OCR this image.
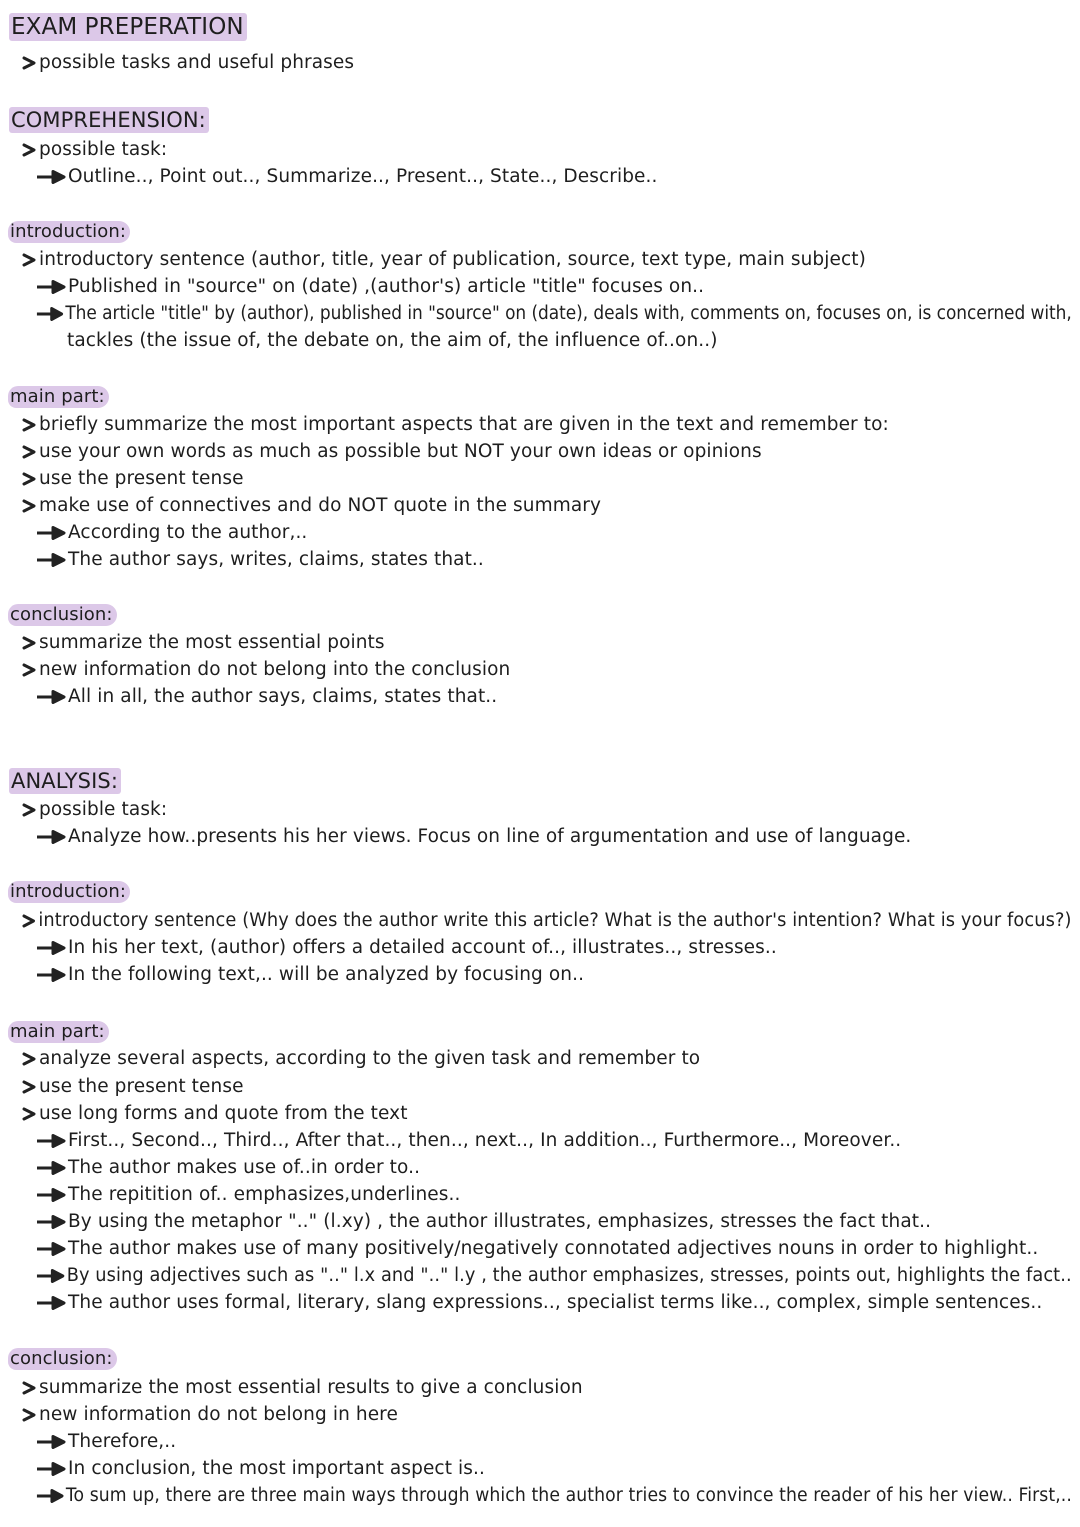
EXAM PREPERATION
possible tasks and useful phrases
COMPREHENSION:
possible task:
Outline.., Point out.., Summarize.., Present.., State.., Describe..
introduction:
introductory sentence (author, title, year of publication, source, text type, main subject)
Published in "source" on (date) ,(author's) article "title" focuses on..
The article "title" by (author), published in "source" on (date), deals with, comments on, focuses on, is concerned with,
tackles (the issue of, the debate on, the aim of, the influence of..on..)
main part:
briefly summarize the most important aspects that are given in the text and remember to:
use your own words as much as possible but NOT your own ideas or opinions
use the present tense
make use of connectives and do NOT quote in the summary
According to the author,..
The author says, writes, claims, states that..
conclusion:
summarize the most essential points
new information do not belong into the conclusion
All in all, the author says, claims, states that..
ANALYSIS:
possible task:
Analyze how..presents his her views. Focus on line of argumentation and use of language.
introduction:
introductory sentence (Why does the author write this article? What is the author's intention? What is your focus?)
In his her text, (author) offers a detailed account of.., illustrates.., stresses..
In the following text,.. will be analyzed by focusing on..
main part:
analyze several aspects, according to the given task and remember to
use the present tense
use long forms and quote from the text
First.., Second.., Third.., After that.., then.., next.., In addition.., Furthermore.., Moreover..
The author makes use of..in order to..
The repitition of.. emphasizes,underlines..
By using the metaphor ".." (l.xy) , the author illustrates, emphasizes, stresses the fact that..
The author makes use of many positively/negatively connotated adjectives nouns in order to highlight..
By using adjectives such as ".." l.x and ".." l.y , the author emphasizes, stresses, points out, highlights the fact..
The author uses formal, literary, slang expressions.., specialist terms like.., complex, simple sentences..
conclusion:
summarize the most essential results to give a conclusion
new information do not belong in here
Therefore,..
In conclusion, the most important aspect is..
To sum up, there are three main ways through which the author tries to convince the reader of his her view.. First,..
